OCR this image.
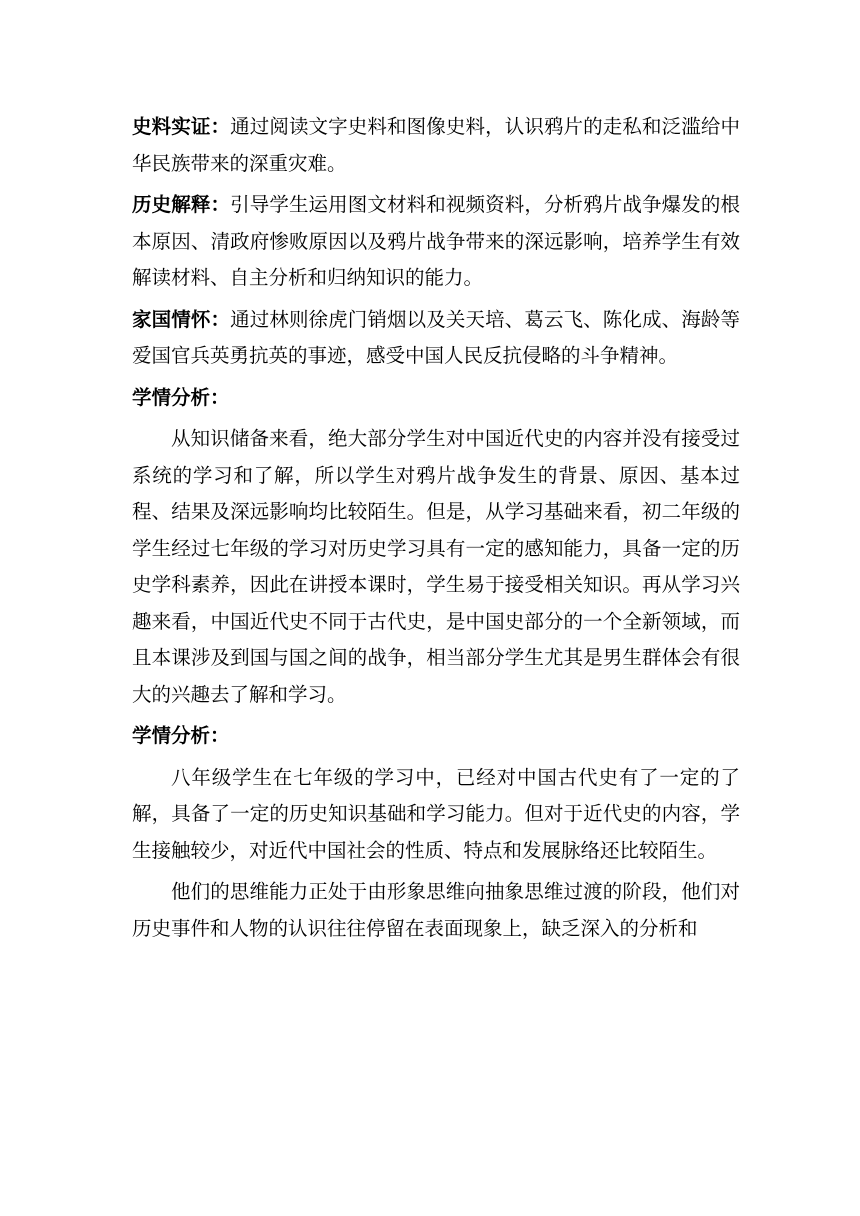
史料实证：通过阅读文字史料和图像史料，认识鸦片的走私和泛滥给中华民族带来的深重灾难。

历史解释：引导学生运用图文材料和视频资料，分析鸦片战争爆发的根本原因、清政府惨败原因以及鸦片战争带来的深远影响，培养学生有效解读材料、自主分析和归纳知识的能力。

家国情怀：通过林则徐虎门销烟以及关天培、葛云飞、陈化成、海龄等爱国官兵英勇抗英的事迹，感受中国人民反抗侵略的斗争精神。

学情分析：

从知识储备来看，绝大部分学生对中国近代史的内容并没有接受过系统的学习和了解，所以学生对鸦片战争发生的背景、原因、基本过程、结果及深远影响均比较陌生。但是，从学习基础来看，初二年级的学生经过七年级的学习对历史学习具有一定的感知能力，具备一定的历史学科素养，因此在讲授本课时，学生易于接受相关知识。再从学习兴趣来看，中国近代史不同于古代史，是中国史部分的一个全新领域，而且本课涉及到国与国之间的战争，相当部分学生尤其是男生群体会有很大的兴趣去了解和学习。

学情分析：

八年级学生在七年级的学习中，已经对中国古代史有了一定的了解，具备了一定的历史知识基础和学习能力。但对于近代史的内容，学生接触较少，对近代中国社会的性质、特点和发展脉络还比较陌生。

他们的思维能力正处于由形象思维向抽象思维过渡的阶段，他们对历史事件和人物的认识往往停留在表面现象上，缺乏深入的分析和
